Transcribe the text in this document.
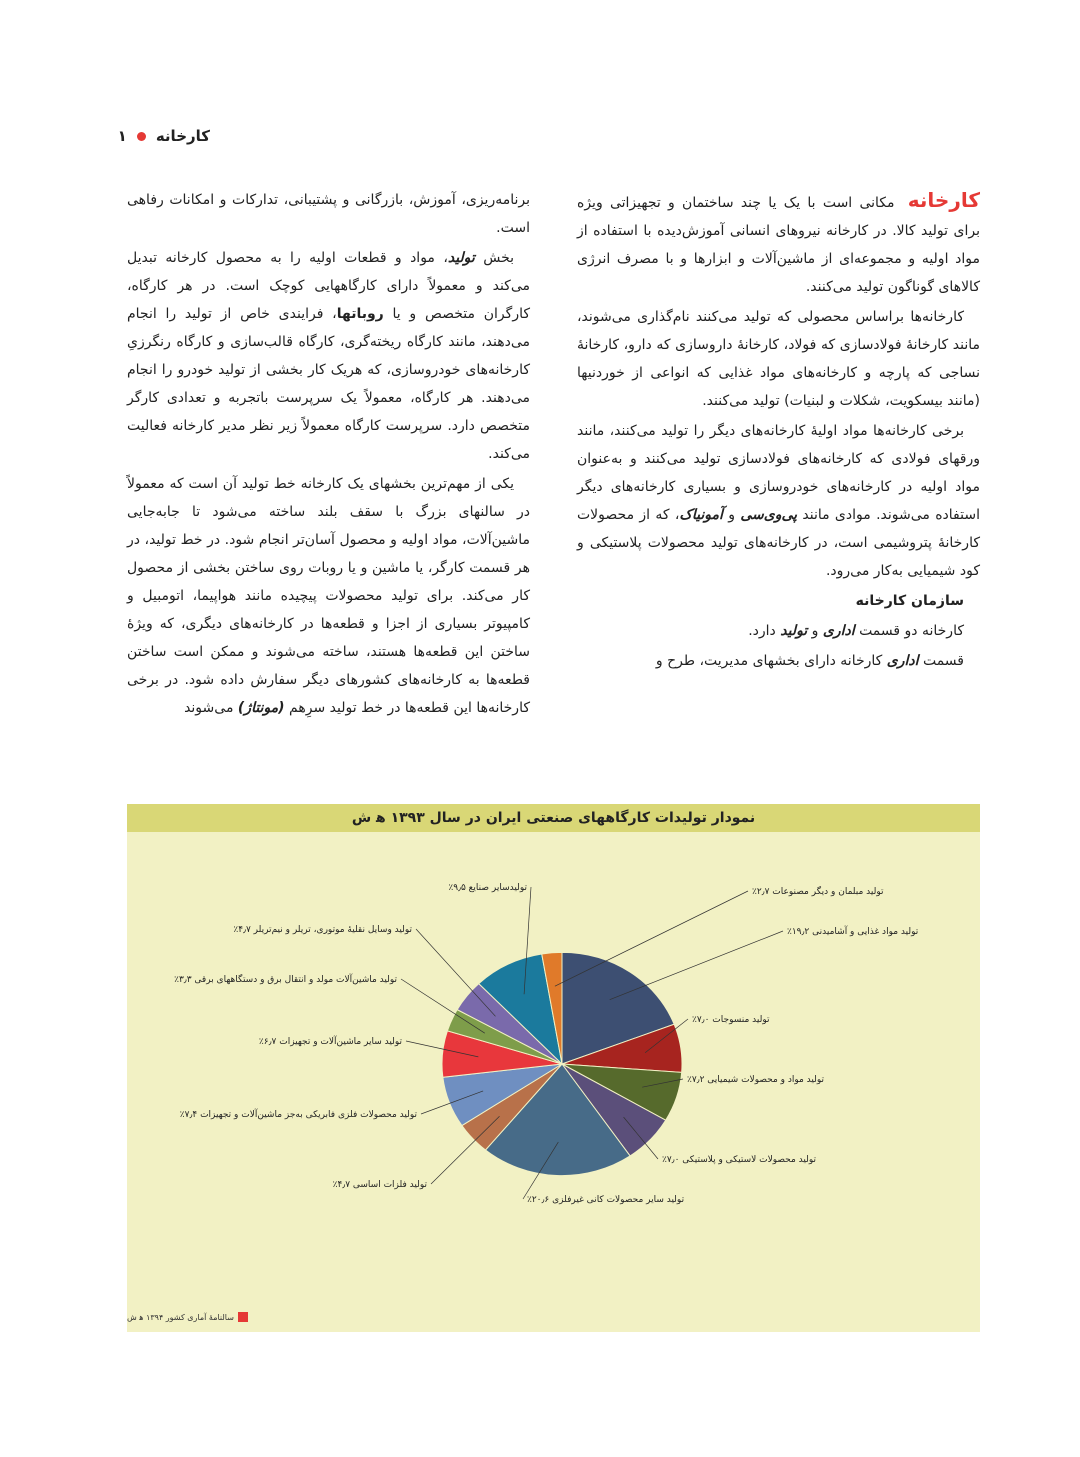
کارخانه
۱

کارخانه مکانی است با یک یا چند ساختمان و تجهیزاتی ویژه برای تولید کالا. در کارخانه نیروهای انسانی آموزش‌دیده با استفاده از مواد اولیه و مجموعه‌ای از ماشین‌آلات و ابزارها و با مصرف انرژی کالاهای گوناگون تولید می‌کنند.

کارخانه‌ها براساس محصولی که تولید می‌کنند نام‌گذاری می‌شوند، مانند کارخانهٔ فولادسازی که فولاد، کارخانهٔ داروسازی که دارو، کارخانهٔ نساجی که پارچه و کارخانه‌های مواد غذایی که انواعی از خوردنیها (مانند بیسکویت، شکلات و لبنیات) تولید می‌کنند.

برخی کارخانه‌ها مواد اولیهٔ کارخانه‌های دیگر را تولید می‌کنند، مانند ورقهای فولادی که کارخانه‌های فولادسازی تولید می‌کنند و به‌عنوان مواد اولیه در کارخانه‌های خودروسازی و بسیاری کارخانه‌های دیگر استفاده می‌شوند. موادی مانند پی‌وی‌سی و آمونیاک، که از محصولات کارخانهٔ پتروشیمی است، در کارخانه‌های تولید محصولات پلاستیکی و کود شیمیایی به‌کار می‌رود.

سازمان کارخانه

کارخانه دو قسمت اداری و تولید دارد.

قسمت اداری کارخانه دارای بخشهای مدیریت، طرح و

برنامه‌ریزی، آموزش، بازرگانی و پشتیبانی، تدارکات و امکانات رفاهی است.

بخش تولید، مواد و قطعات اولیه را به محصول کارخانه تبدیل می‌کند و معمولاً دارای کارگاههایی کوچک است. در هر کارگاه، کارگران متخصص و یا روباتها، فرایندی خاص از تولید را انجام می‌دهند، مانند کارگاه ریخته‌گری، کارگاه قالب‌سازی و کارگاه رنگرزیِ کارخانه‌های خودروسازی، که هریک کار بخشی از تولید خودرو را انجام می‌دهند. هر کارگاه، معمولاً یک سرپرست باتجربه و تعدادی کارگر متخصص دارد. سرپرست کارگاه معمولاً زیر نظر مدیر کارخانه فعالیت می‌کند.

یکی از مهم‌ترین بخشهای یک کارخانه خط تولید آن است که معمولاً در سالنهای بزرگ با سقف بلند ساخته می‌شود تا جابه‌جایی ماشین‌آلات، مواد اولیه و محصول آسان‌تر انجام شود. در خط تولید، در هر قسمت کارگر، یا ماشین و یا روبات روی ساختن بخشی از محصول کار می‌کند. برای تولید محصولات پیچیده مانند هواپیما، اتومبیل و کامپیوتر بسیاری از اجزا و قطعه‌ها در کارخانه‌های دیگری، که ویژهٔ ساختن این قطعه‌ها هستند، ساخته می‌شوند و ممکن است ساختن قطعه‌ها به کارخانه‌های کشورهای دیگر سفارش داده شود. در برخی کارخانه‌ها این قطعه‌ها در خط تولید سرِهم (مونتاژ) می‌شوند

نمودار تولیدات کارگاههای صنعتی ایران در سال ۱۳۹۳ ه‍ ش
تولید مواد غذایی و آشامیدنی ۱۹٫۲٪
تولید منسوجات ۷٫۰٪
تولید مواد و محصولات شیمیایی ۷٫۲٪
تولید محصولات لاستیکی و پلاستیکی ۷٫۰٪
تولید سایر محصولات کانی غیرفلزی ۲۰٫۶٪
تولید فلزات اساسی ۴٫۷٪
تولید محصولات فلزی فابریکی به‌جز ماشین‌آلات و تجهیزات ۷٫۴٪
تولید سایر ماشین‌آلات و تجهیزات ۶٫۷٪
تولید ماشین‌آلات مولد و انتقال برق و دستگاههای برقی ۳٫۳٪
تولید وسایل نقلیهٔ موتوری، تریلر و نیم‌تریلر ۴٫۷٪
تولیدسایر صنایع ۹٫۵٪	تولید مبلمان و دیگر مصنوعات ۲٫۷٪
سالنامهٔ آماری کشور ۱۳۹۴ ه‍ ش
